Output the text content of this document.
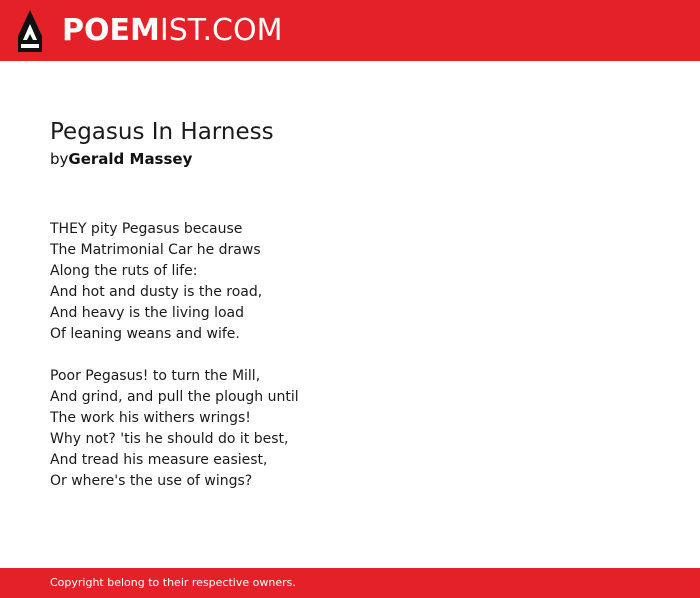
POEMIST.COM
Pegasus In Harness
byGerald Massey
THEY pity Pegasus because
The Matrimonial Car he draws
Along the ruts of life:
And hot and dusty is the road,
And heavy is the living load
Of leaning weans and wife.
Poor Pegasus! to turn the Mill,
And grind, and pull the plough until
The work his withers wrings!
Why not? 'tis he should do it best,
And tread his measure easiest,
Or where's the use of wings?
Copyright belong to their respective owners.
